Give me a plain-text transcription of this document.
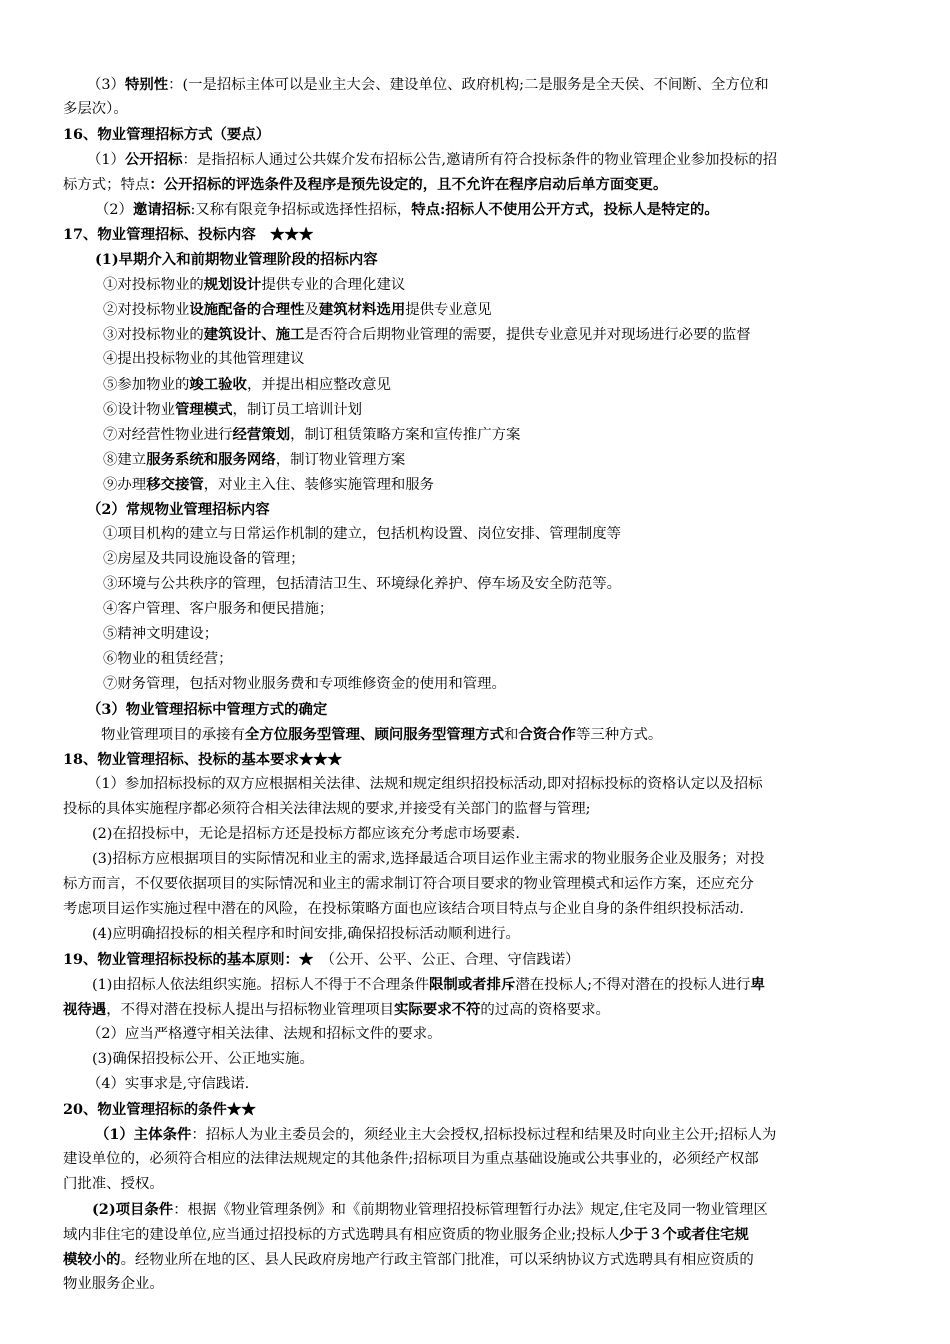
（3）特别性：(一是招标主体可以是业主大会、建设单位、政府机构;二是服务是全天侯、不间断、全方位和
多层次）。
16、物业管理招标方式（要点）
（1）公开招标：是指招标人通过公共媒介发布招标公告,邀请所有符合投标条件的物业管理企业参加投标的招
标方式；特点：公开招标的评选条件及程序是预先设定的，且不允许在程序启动后单方面变更。
（2）邀请招标:又称有限竞争招标或选择性招标，特点:招标人不使用公开方式，投标人是特定的。
17、物业管理招标、投标内容　★★★
(1)早期介入和前期物业管理阶段的招标内容
①对投标物业的规划设计提供专业的合理化建议
②对投标物业设施配备的合理性及建筑材料选用提供专业意见
③对投标物业的建筑设计、施工是否符合后期物业管理的需要，提供专业意见并对现场进行必要的监督
④提出投标物业的其他管理建议
⑤参加物业的竣工验收，并提出相应整改意见
⑥设计物业管理模式，制订员工培训计划
⑦对经营性物业进行经营策划，制订租赁策略方案和宣传推广方案
⑧建立服务系统和服务网络，制订物业管理方案
⑨办理移交接管，对业主入住、装修实施管理和服务
（2）常规物业管理招标内容
①项目机构的建立与日常运作机制的建立，包括机构设置、岗位安排、管理制度等
②房屋及共同设施设备的管理；
③环境与公共秩序的管理，包括清洁卫生、环境绿化养护、停车场及安全防范等。
④客户管理、客户服务和便民措施；
⑤精神文明建设；
⑥物业的租赁经营；
⑦财务管理，包括对物业服务费和专项维修资金的使用和管理。
（3）物业管理招标中管理方式的确定
物业管理项目的承接有全方位服务型管理、顾问服务型管理方式和合资合作等三种方式。
18、物业管理招标、投标的基本要求★★★
（1）参加招标投标的双方应根据相关法律、法规和规定组织招投标活动,即对招标投标的资格认定以及招标
投标的具体实施程序都必须符合相关法律法规的要求,并接受有关部门的监督与管理;
(2)在招投标中，无论是招标方还是投标方都应该充分考虑市场要素.
(3)招标方应根据项目的实际情况和业主的需求,选择最适合项目运作业主需求的物业服务企业及服务；对投
标方而言，不仅要依据项目的实际情况和业主的需求制订符合项目要求的物业管理模式和运作方案，还应充分
考虑项目运作实施过程中潜在的风险，在投标策略方面也应该结合项目特点与企业自身的条件组织投标活动.
(4)应明确招投标的相关程序和时间安排,确保招投标活动顺利进行。
19、物业管理招标投标的基本原则：★　（公开、公平、公正、合理、守信践诺）
(1)由招标人依法组织实施。招标人不得于不合理条件限制或者排斥潜在投标人;不得对潜在的投标人进行卑
视待遇，不得对潜在投标人提出与招标物业管理项目实际要求不符的过高的资格要求。
（2）应当严格遵守相关法律、法规和招标文件的要求。
(3)确保招投标公开、公正地实施。
（4）实事求是,守信践诺.
20、物业管理招标的条件★★
（1）主体条件：招标人为业主委员会的，须经业主大会授权,招标投标过程和结果及时向业主公开;招标人为
建设单位的，必须符合相应的法律法规规定的其他条件;招标项目为重点基础设施或公共事业的，必须经产权部
门批准、授权。
(2)项目条件：根据《物业管理条例》和《前期物业管理招投标管理暂行办法》规定,住宅及同一物业管理区
域内非住宅的建设单位,应当通过招投标的方式选聘具有相应资质的物业服务企业;投标人少于３个或者住宅规
模较小的。经物业所在地的区、县人民政府房地产行政主管部门批准，可以采纳协议方式选聘具有相应资质的
物业服务企业。
